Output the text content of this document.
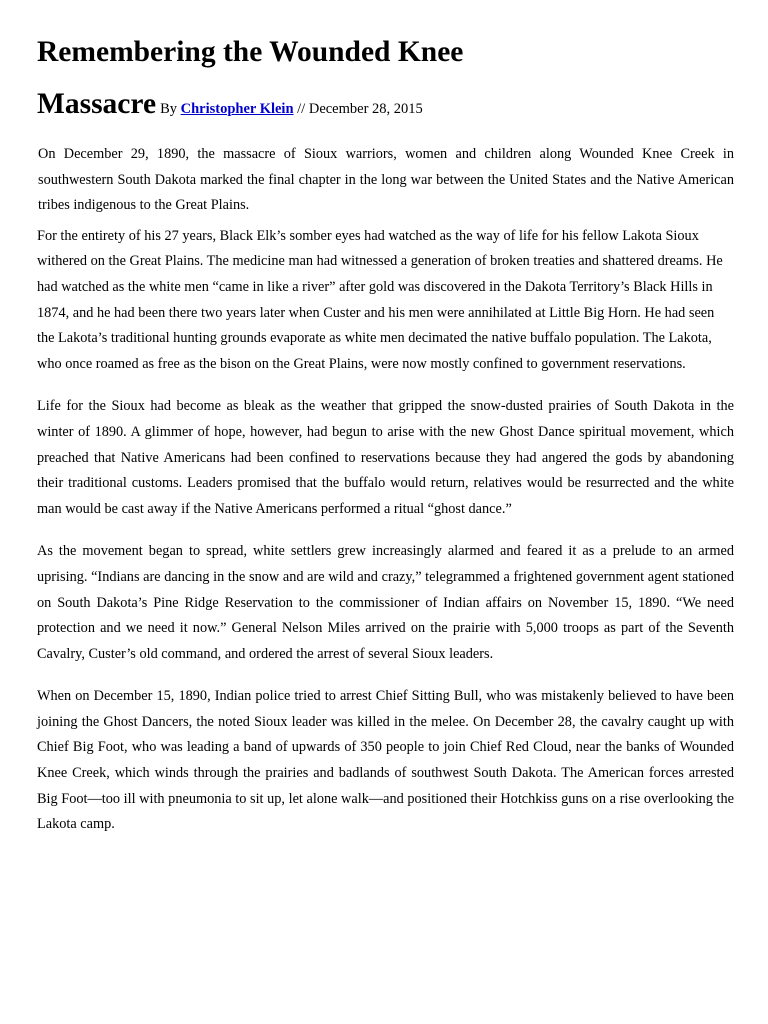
Remembering the Wounded Knee
Massacre By Christopher Klein // December 28, 2015

On December 29, 1890, the massacre of Sioux warriors, women and children along Wounded Knee Creek in southwestern South Dakota marked the final chapter in the long war between the United States and the Native American tribes indigenous to the Great Plains.

For the entirety of his 27 years, Black Elk’s somber eyes had watched as the way of life for his fellow Lakota Sioux withered on the Great Plains. The medicine man had witnessed a generation of broken treaties and shattered dreams. He had watched as the white men “came in like a river” after gold was discovered in the Dakota Territory’s Black Hills in 1874, and he had been there two years later when Custer and his men were annihilated at Little Big Horn. He had seen the Lakota’s traditional hunting grounds evaporate as white men decimated the native buffalo population. The Lakota, who once roamed as free as the bison on the Great Plains, were now mostly confined to government reservations.

Life for the Sioux had become as bleak as the weather that gripped the snow-dusted prairies of South Dakota in the winter of 1890. A glimmer of hope, however, had begun to arise with the new Ghost Dance spiritual movement, which preached that Native Americans had been confined to reservations because they had angered the gods by abandoning their traditional customs. Leaders promised that the buffalo would return, relatives would be resurrected and the white man would be cast away if the Native Americans performed a ritual “ghost dance.”

As the movement began to spread, white settlers grew increasingly alarmed and feared it as a prelude to an armed uprising. “Indians are dancing in the snow and are wild and crazy,” telegrammed a frightened government agent stationed on South Dakota’s Pine Ridge Reservation to the commissioner of Indian affairs on November 15, 1890. “We need protection and we need it now.” General Nelson Miles arrived on the prairie with 5,000 troops as part of the Seventh Cavalry, Custer’s old command, and ordered the arrest of several Sioux leaders.

When on December 15, 1890, Indian police tried to arrest Chief Sitting Bull, who was mistakenly believed to have been joining the Ghost Dancers, the noted Sioux leader was killed in the melee. On December 28, the cavalry caught up with Chief Big Foot, who was leading a band of upwards of 350 people to join Chief Red Cloud, near the banks of Wounded Knee Creek, which winds through the prairies and badlands of southwest South Dakota. The American forces arrested Big Foot—too ill with pneumonia to sit up, let alone walk—and positioned their Hotchkiss guns on a rise overlooking the Lakota camp.
